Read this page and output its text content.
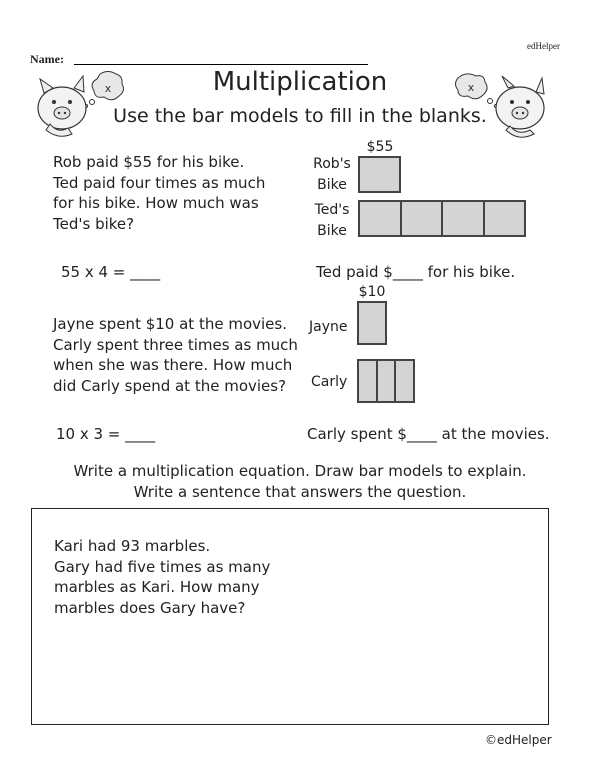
edHelper
Name:
x	x
Multiplication
Use the bar models to fill in the blanks.
Rob paid $55 for his bike.
Ted paid four times as much
for his bike. How much was
Ted's bike?
55 x 4 = ____
$55
Rob's
Bike
Ted's
Bike
Ted paid $____ for his bike.
Jayne spent $10 at the movies.
Carly spent three times as much
when she was there. How much
did Carly spend at the movies?
10 x 3 = ____
$10
Jayne
Carly
Carly spent $____ at the movies.
Write a multiplication equation. Draw bar models to explain.
Write a sentence that answers the question.
Kari had 93 marbles.
Gary had five times as many
marbles as Kari. How many
marbles does Gary have?
©edHelper
